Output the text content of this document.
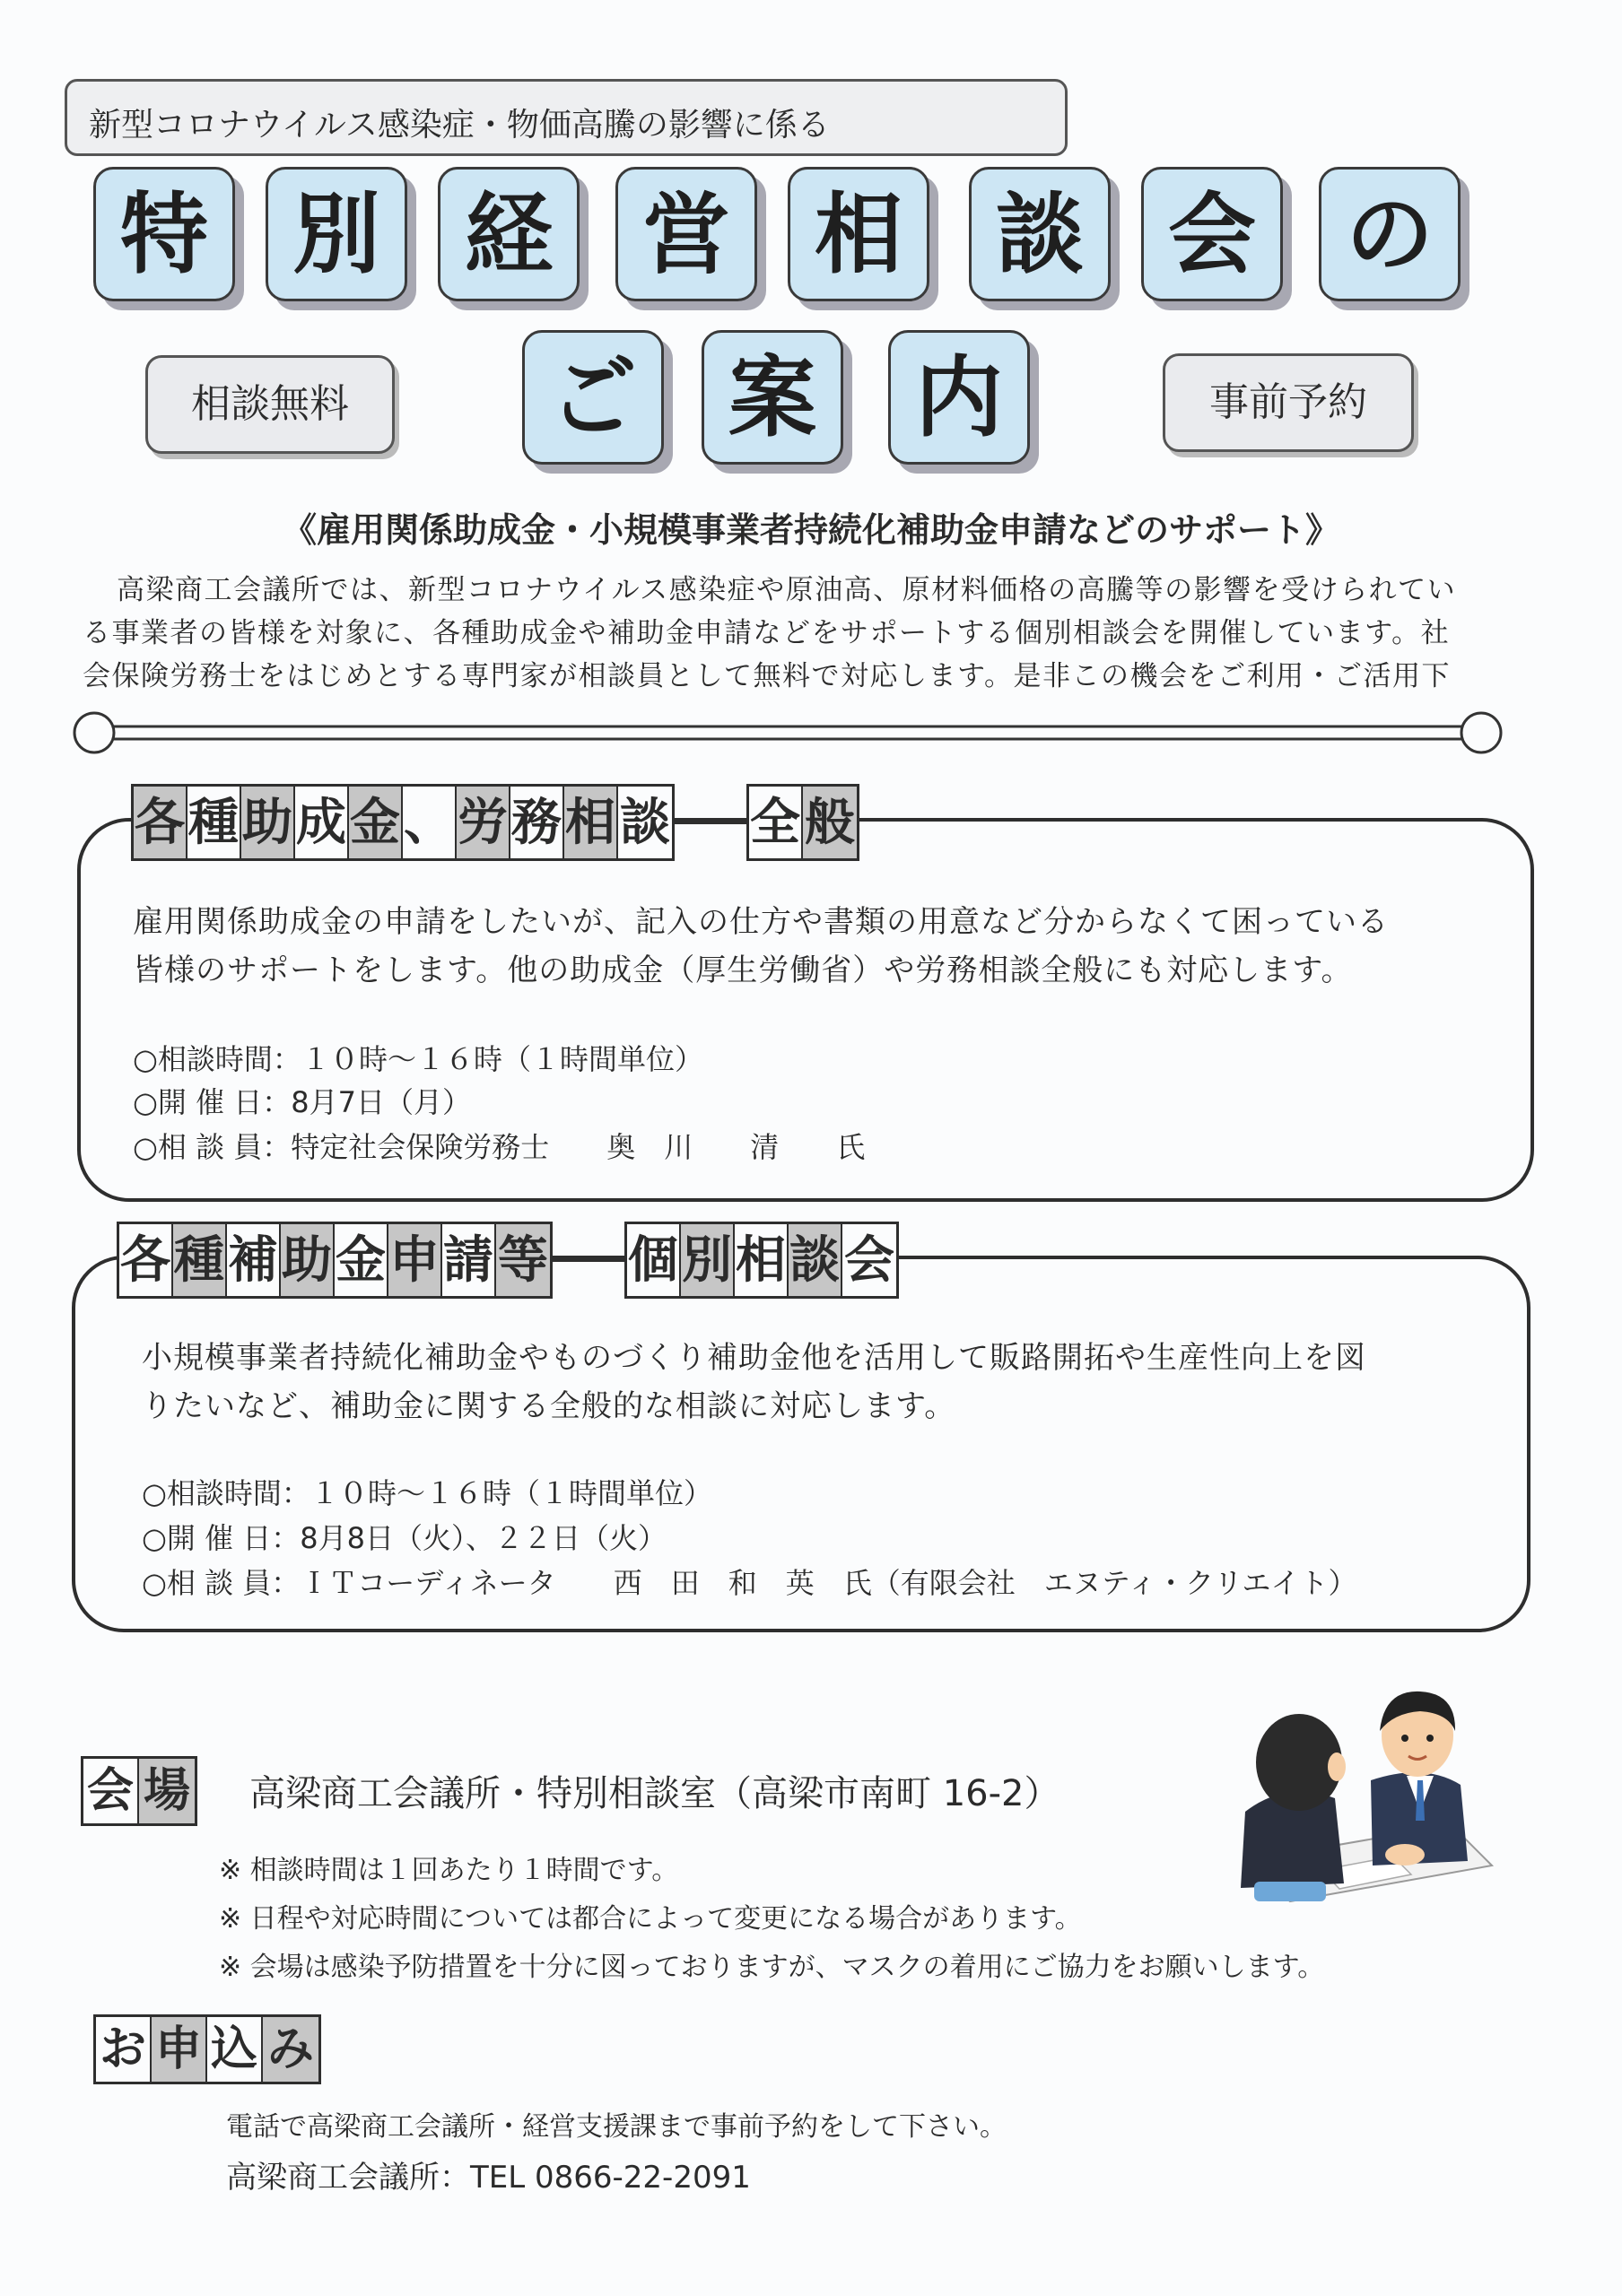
新型コロナウイルス感染症・物価高騰の影響に係る
特 別 経	営 相	談 会	の
相談無料	ご	案	内	事前予約
《雇用関係助成金・小規模事業者持続化補助金申請などのサポート》
高梁商工会議所では、新型コロナウイルス感染症や原油高、原材料価格の高騰等の影響を受けられてい
る事業者の皆様を対象に、各種助成金や補助金申請などをサポートする個別相談会を開催しています。社
会保険労務士をはじめとする専門家が相談員として無料で対応します。是非この機会をご利用・ご活用下
各 種 助 成 金 、 労 務 相 談 全 般
雇用関係助成金の申請をしたいが、記入の仕方や書類の用意など分からなくて困っている
皆様のサポートをします。他の助成金（厚生労働省）や労務相談全般にも対応します。
○相談時間：１０時～１６時（１時間単位）
○開 催 日：8月7日（月）
○相 談 員：特定社会保険労務士　　奥　川　　清　　氏
各 種 補 助 金 申 請 等 個 別 相 談 会
小規模事業者持続化補助金やものづくり補助金他を活用して販路開拓や生産性向上を図
りたいなど、補助金に関する全般的な相談に対応します。
○相談時間：１０時～１６時（１時間単位）
○開 催 日：8月8日（火）、２２日（火）
○相 談 員：ＩＴコーディネータ　　西　田　和　英　氏（有限会社　エヌティ・クリエイト）
会 場 高梁商工会議所・特別相談室（高梁市南町 16-2）
※ 相談時間は１回あたり１時間です。
※ 日程や対応時間については都合によって変更になる場合があります。
※ 会場は感染予防措置を十分に図っておりますが、マスクの着用にご協力をお願いします。
お 申 込 み
電話で高梁商工会議所・経営支援課まで事前予約をして下さい。
高梁商工会議所：TEL 0866-22-2091
